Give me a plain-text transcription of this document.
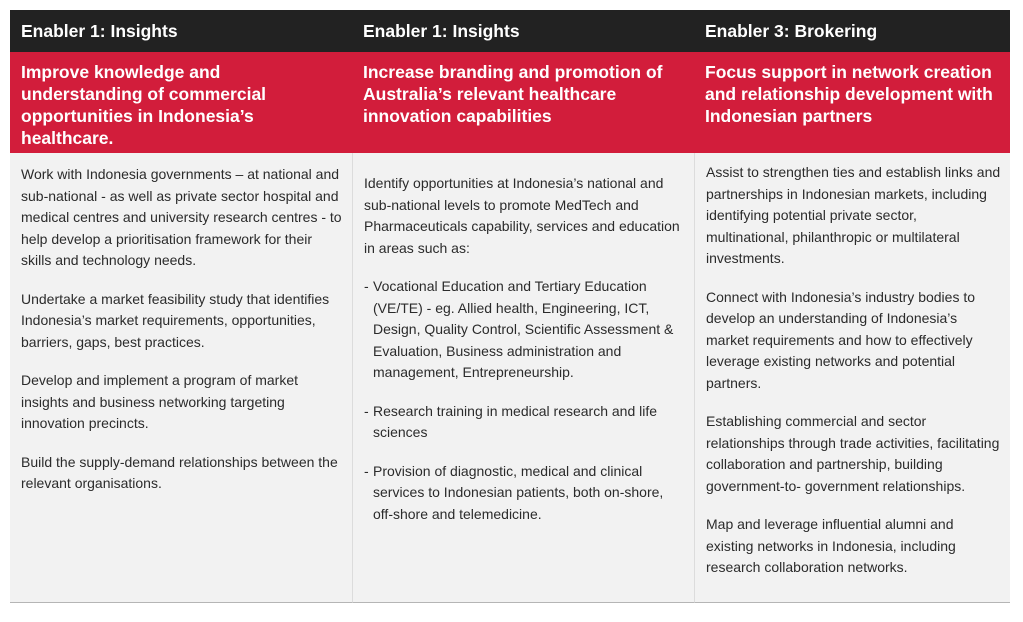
Enabler 1: Insights	Enabler 1: Insights	Enabler 3: Brokering
Improve knowledge and understanding of commercial opportunities in Indonesia’s healthcare.
Increase branding and promotion of Australia’s relevant healthcare innovation capabilities
Focus support in network creation and relationship development with Indonesian partners

Work with Indonesia governments – at national and sub-national - as well as private sector hospital and medical centres and university research centres - to help develop a prioritisation framework for their skills and technology needs.

Undertake a market feasibility study that identifies Indonesia’s market requirements, opportunities, barriers, gaps, best practices.

Develop and implement a program of market insights and business networking targeting innovation precincts.

Build the supply-demand relationships between the relevant organisations.

Identify opportunities at Indonesia’s national and sub-national levels to promote MedTech and Pharmaceuticals capability, services and education in areas such as:

- Vocational Education and Tertiary Education (VE/TE) - eg. Allied health, Engineering, ICT, Design, Quality Control, Scientific Assessment & Evaluation, Business administration and management, Entrepreneurship.
- Research training in medical research and life sciences
- Provision of diagnostic, medical and clinical services to Indonesian patients, both on-shore, off-shore and telemedicine.

Assist to strengthen ties and establish links and partnerships in Indonesian markets, including identifying potential private sector, multinational, philanthropic or multilateral investments.

Connect with Indonesia’s industry bodies to develop an understanding of Indonesia’s market requirements and how to effectively leverage existing networks and potential partners.

Establishing commercial and sector relationships through trade activities, facilitating collaboration and partnership, building government-to- government relationships.

Map and leverage influential alumni and existing networks in Indonesia, including research collaboration networks.
